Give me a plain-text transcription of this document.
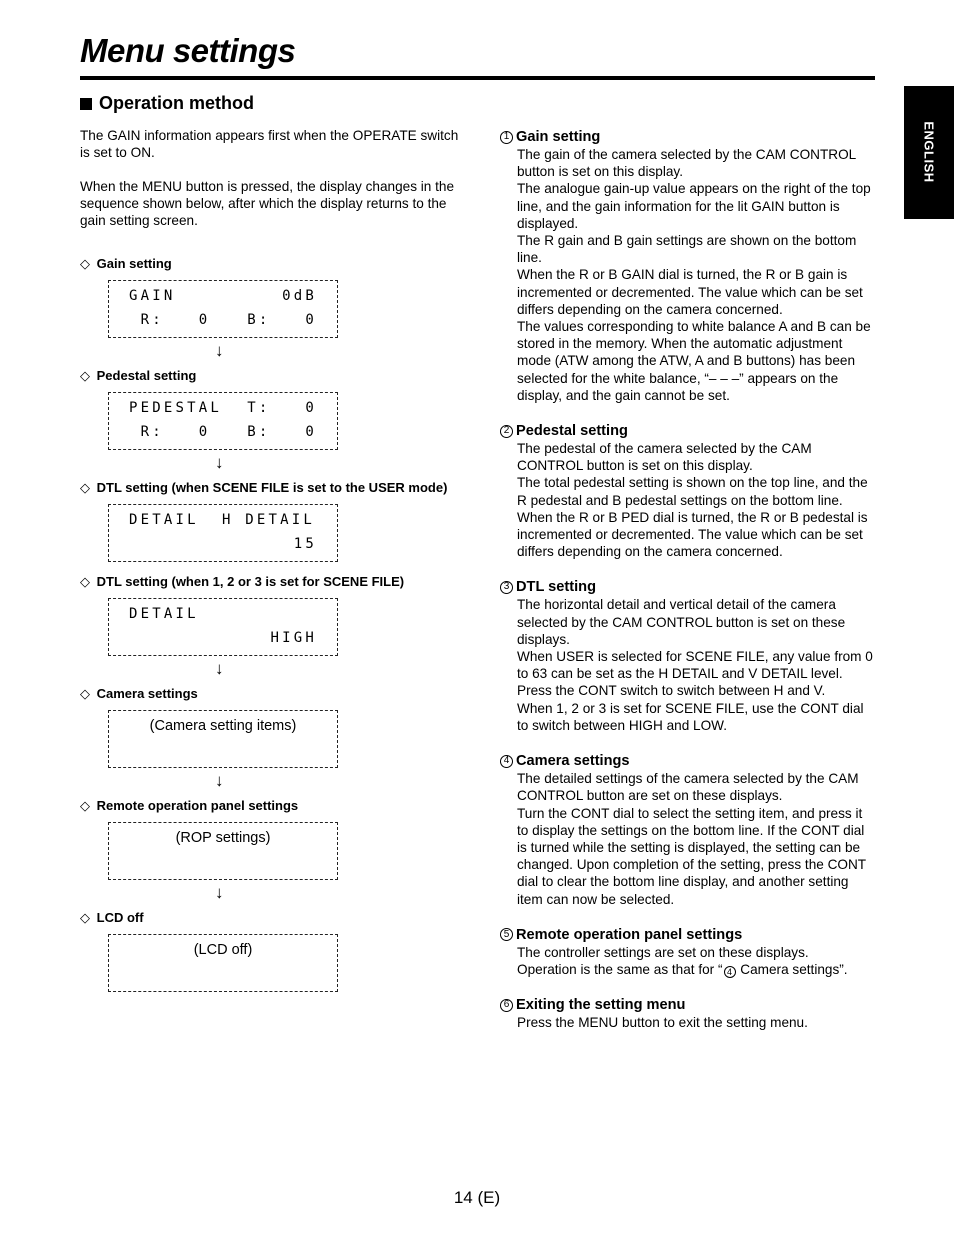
Menu settings
ENGLISH
Operation method

The GAIN information appears first when the OPERATE switch is set to ON.

When the MENU button is pressed, the display changes in the sequence shown below, after which the display returns to the gain setting screen.

◇ Gain setting
GAIN	0dB
R:   0	B:   0
↓
◇ Pedestal setting
PEDESTAL	T:   0
R:   0	B:   0
↓
◇ DTL setting (when SCENE FILE is set to the USER mode)
DETAIL  H DETAIL
15
◇ DTL setting (when 1, 2 or 3 is set for SCENE FILE)
DETAIL
HIGH
↓
◇ Camera settings
(Camera setting items)
↓
◇ Remote operation panel settings
(ROP settings)
↓
◇ LCD off
(LCD off)
1 Gain setting

The gain of the camera selected by the CAM CONTROL button is set on this display.

The analogue gain-up value appears on the right of the top line, and the gain information for the lit GAIN button is displayed.

The R gain and B gain settings are shown on the bottom line.

When the R or B GAIN dial is turned, the R or B gain is incremented or decremented. The value which can be set differs depending on the camera concerned.

The values corresponding to white balance A and B can be stored in the memory. When the automatic adjustment mode (ATW among the ATW, A and B buttons) has been selected for the white balance, “– – –” appears on the display, and the gain cannot be set.

2 Pedestal setting

The pedestal of the camera selected by the CAM CONTROL button is set on this display.

The total pedestal setting is shown on the top line, and the R pedestal and B pedestal settings on the bottom line.

When the R or B PED dial is turned, the R or B pedestal is incremented or decremented. The value which can be set differs depending on the camera concerned.

3 DTL setting

The horizontal detail and vertical detail of the camera selected by the CAM CONTROL button is set on these displays.

When USER is selected for SCENE FILE, any value from 0 to 63 can be set as the H DETAIL and V DETAIL level. Press the CONT switch to switch between H and V.

When 1, 2 or 3 is set for SCENE FILE, use the CONT dial to switch between HIGH and LOW.

4 Camera settings

The detailed settings of the camera selected by the CAM CONTROL button are set on these displays.

Turn the CONT dial to select the setting item, and press it to display the settings on the bottom line. If the CONT dial is turned while the setting is displayed, the setting can be changed. Upon completion of the setting, press the CONT dial to clear the bottom line display, and another setting item can now be selected.

5 Remote operation panel settings

The controller settings are set on these displays.

Operation is the same as that for “ 4 Camera settings”.

6 Exiting the setting menu

Press the MENU button to exit the setting menu.

14 (E)
